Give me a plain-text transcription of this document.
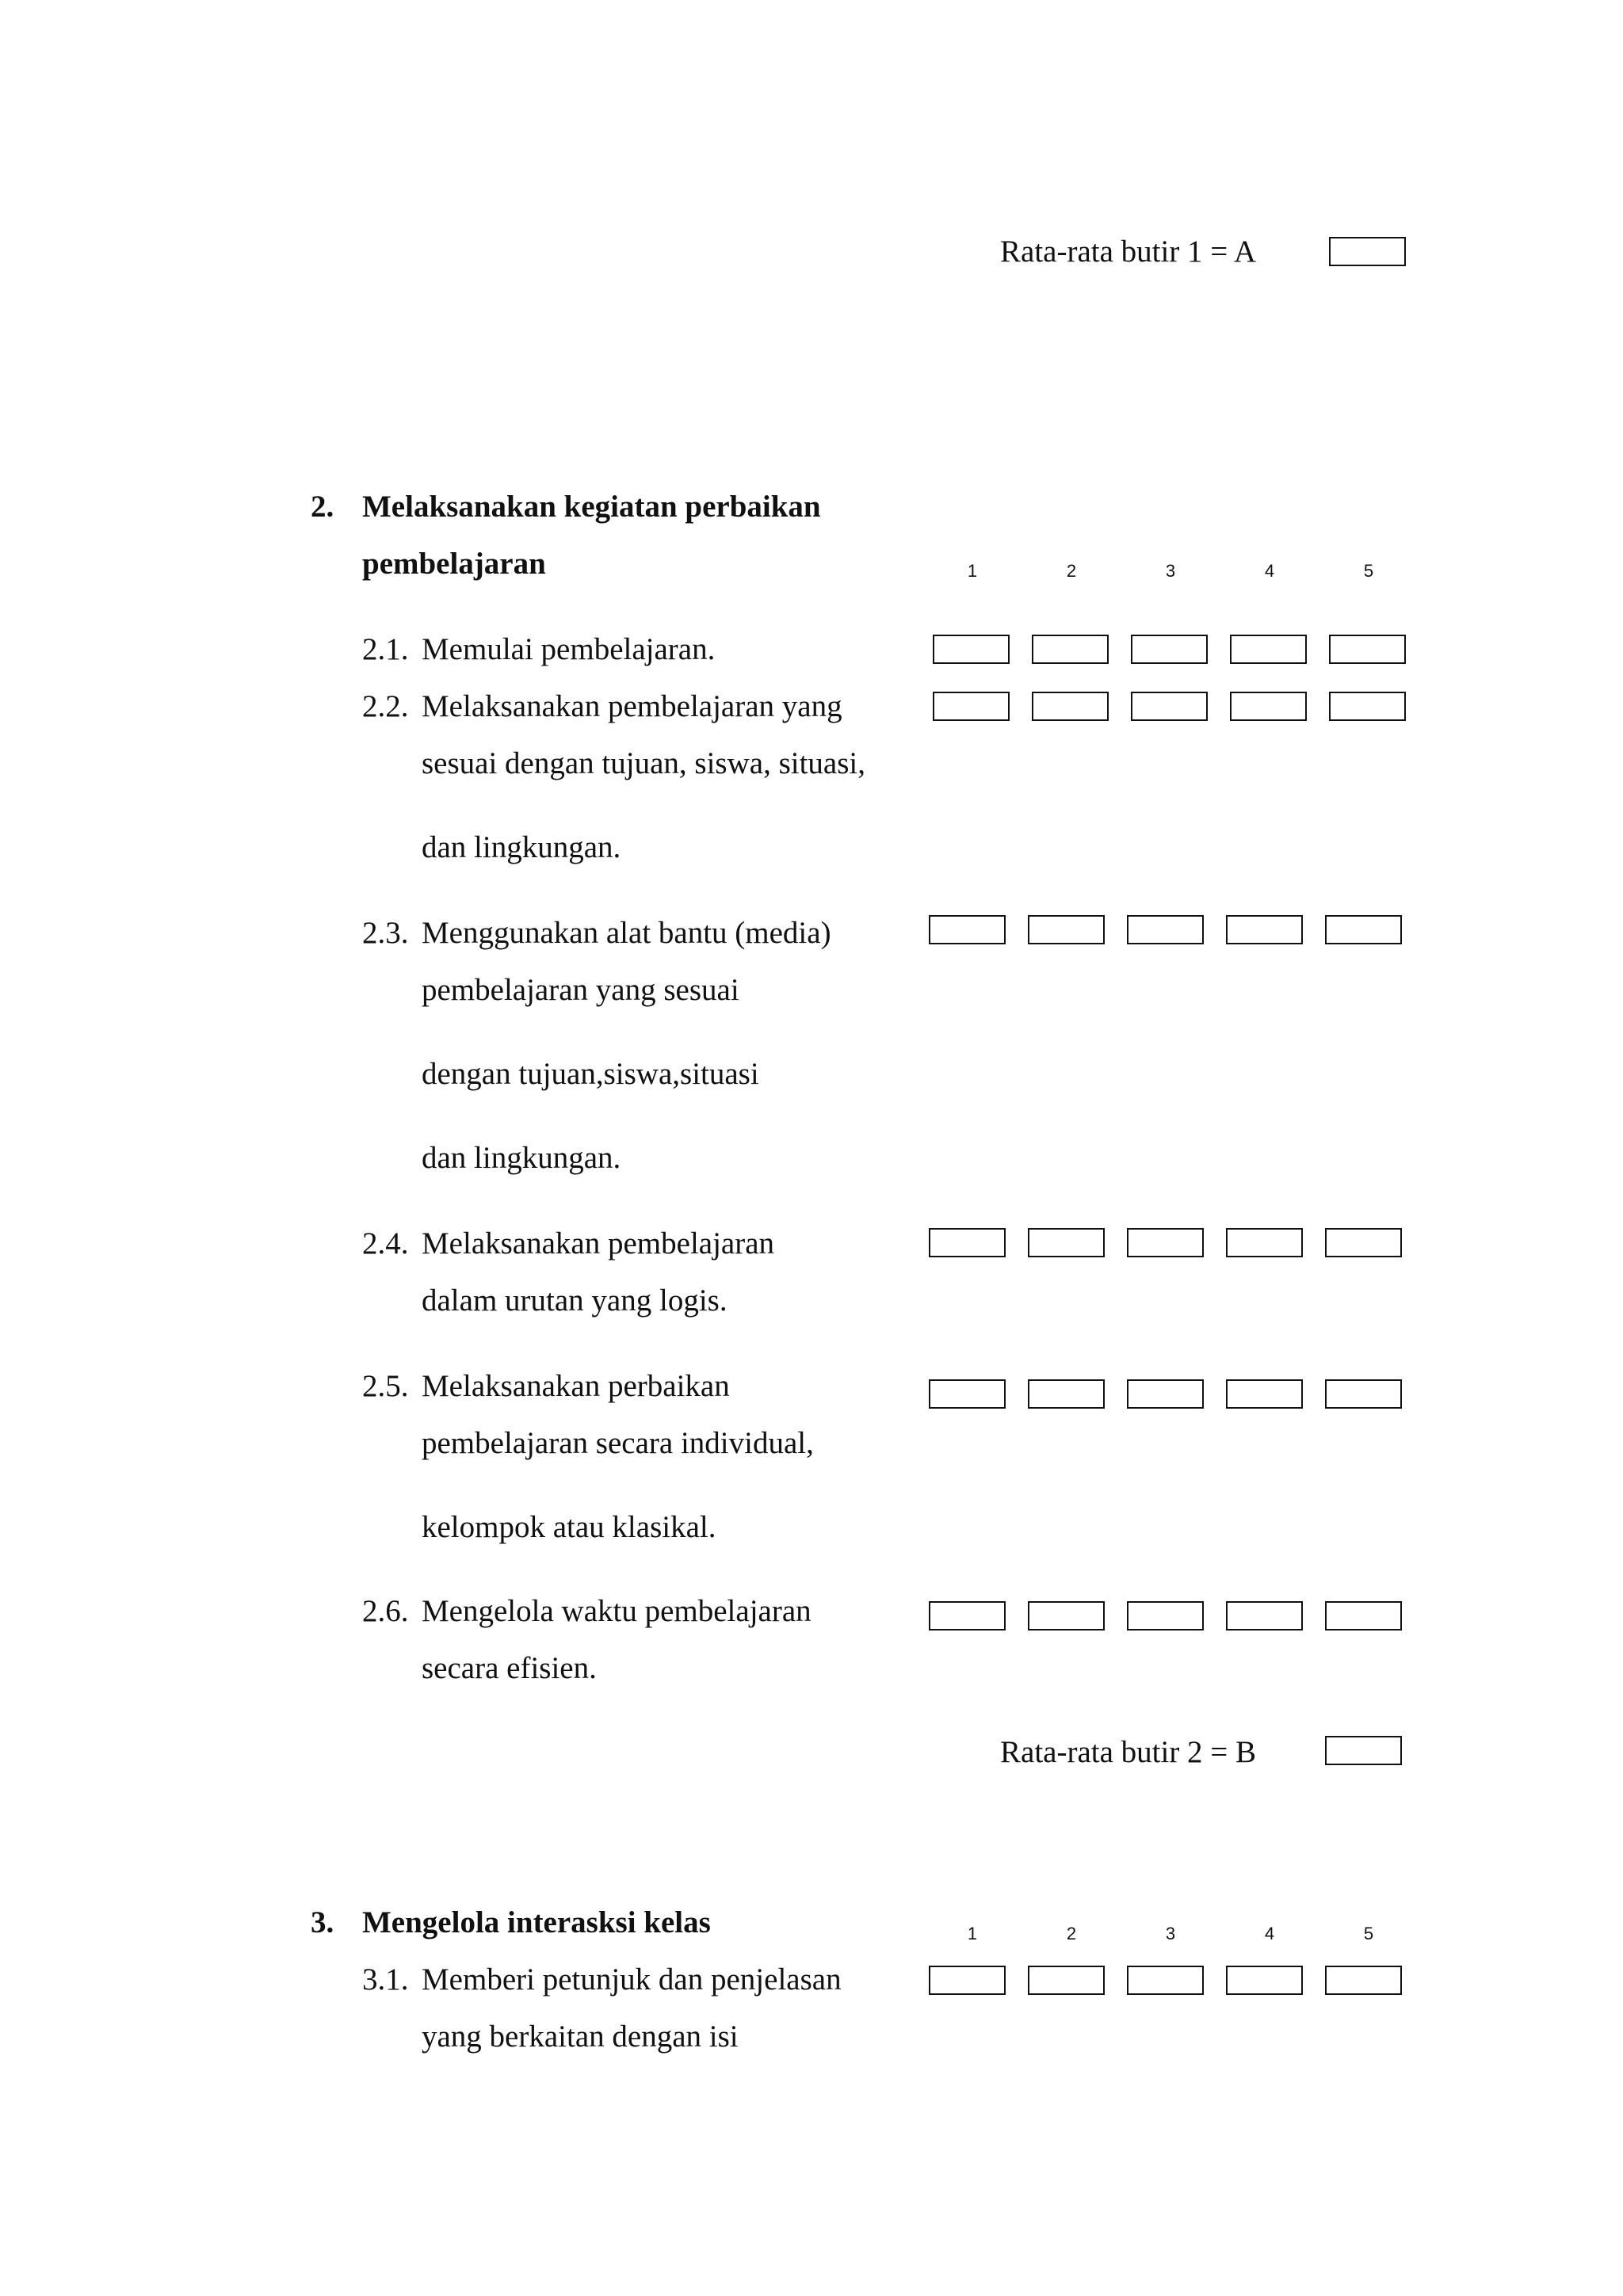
Rata-rata butir 1 = A
2. Melaksanakan kegiatan perbaikan
pembelajaran	1	2	3	4	5
2.1. Memulai pembelajaran.
2.2. Melaksanakan pembelajaran yang
sesuai dengan tujuan, siswa, situasi,
dan lingkungan.
2.3. Menggunakan alat bantu (media)
pembelajaran yang sesuai
dengan tujuan,siswa,situasi
dan lingkungan.
2.4. Melaksanakan pembelajaran
dalam urutan yang logis.
2.5. Melaksanakan perbaikan
pembelajaran secara individual,
kelompok atau klasikal.
2.6. Mengelola waktu pembelajaran
secara efisien.
Rata-rata butir 2 = B
3. Mengelola interasksi kelas	1	2	3	4	5
3.1. Memberi petunjuk dan penjelasan
yang berkaitan dengan isi
